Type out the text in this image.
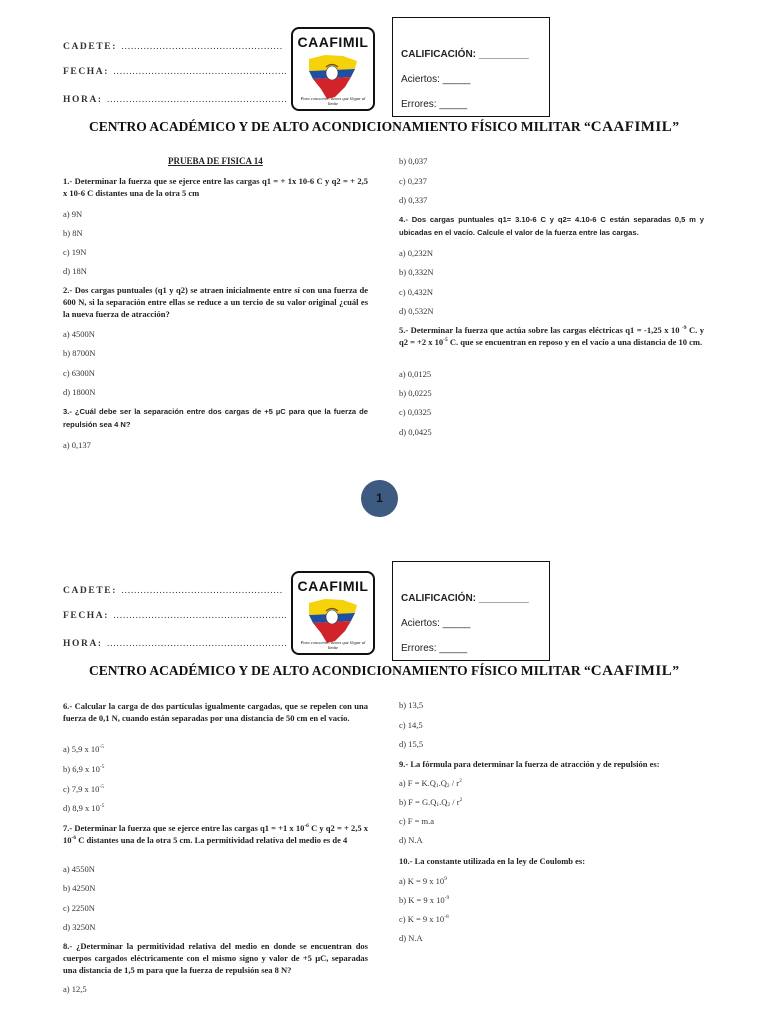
CADETE: ……………………………………………
FECHA: ……………………………………………….
HORA: …………………………………………………
CAAFIMIL
Para conocerte, tienes que llegar al límite
CALIFICACIÓN: _________
Aciertos: _____
Errores: _____
CENTRO ACADÉMICO Y DE ALTO ACONDICIONAMIENTO FÍSICO MILITAR “CAAFIMIL”
PRUEBA DE FISICA 14
1.- Determinar la fuerza que se ejerce entre las cargas q1 = + 1x 10-6 C y q2 = + 2,5 x 10-6 C distantes una de la otra 5 cm
a) 9N
b) 8N
c) 19N
d) 18N
2.- Dos cargas puntuales (q1 y q2) se atraen inicialmente entre sí con una fuerza de 600 N, si la separación entre ellas se reduce a un tercio de su valor original ¿cuál es la nueva fuerza de atracción?
a) 4500N
b) 8700N
c) 6300N
d) 1800N
3.- ¿Cuál debe ser la separación entre dos cargas de +5 µC para que la fuerza de repulsión sea 4 N?
a) 0,137
b) 0,037
c) 0,237
d) 0,337
4.- Dos cargas puntuales q1= 3.10-6 C y q2= 4.10-6 C están separadas 0,5 m y ubicadas en el vacío. Calcule el valor de la fuerza entre las cargas.
a) 0,232N
b) 0,332N
c) 0,432N
d) 0,532N
5.- Determinar la fuerza que actúa sobre las cargas eléctricas q1 = -1,25 x 10 $^{-9}$ C. y q2 = +2 x $10^{-5}$ C. que se encuentran en reposo y en el vacío a una distancia de 10 cm.
a) 0,0125
b) 0,0225
c) 0,0325
d) 0,0425
1
CADETE: ……………………………………………
FECHA: ……………………………………………….
HORA: …………………………………………………
CAAFIMIL
Para conocerte, tienes que llegar al límite
CALIFICACIÓN: _________
Aciertos: _____
Errores: _____
CENTRO ACADÉMICO Y DE ALTO ACONDICIONAMIENTO FÍSICO MILITAR “CAAFIMIL”
6.- Calcular la carga de dos partículas igualmente cargadas, que se repelen con una fuerza de 0,1 N, cuando están separadas por una distancia de 50 cm en el vacío.
a) 5,9 x $10^{-5}$
b) 6,9 x $10^{-5}$
c) 7,9 x $10^{-5}$
d) 8,9 x $10^{-5}$
7.- Determinar la fuerza que se ejerce entre las cargas q1 = +1 x $10^{-6}$ C y q2 = + 2,5 x $10^{-6}$ C distantes una de la otra 5 cm. La permitividad relativa del medio es de 4
a) 4550N
b) 4250N
c) 2250N
d) 3250N
8.- ¿Determinar la permitividad relativa del medio en donde se encuentran dos cuerpos cargados eléctricamente con el mismo signo y valor de +5 µC, separadas una distancia de 1,5 m para que la fuerza de repulsión sea 8 N?
a) 12,5
b) 13,5
c) 14,5
d) 15,5
9.- La fórmula para determinar la fuerza de atracción y de repulsión es:
a) $F = K.Q_1.Q_2 / r^2$
b) $F = G.Q_1.Q_2 / r^2$
c) F = m.a
d) N.A
10.- La constante utilizada en la ley de Coulomb es:
a) K = 9 x $10^9$
b) K = 9 x $10^{-9}$
c) K = 9 x $10^{-8}$
d) N.A
